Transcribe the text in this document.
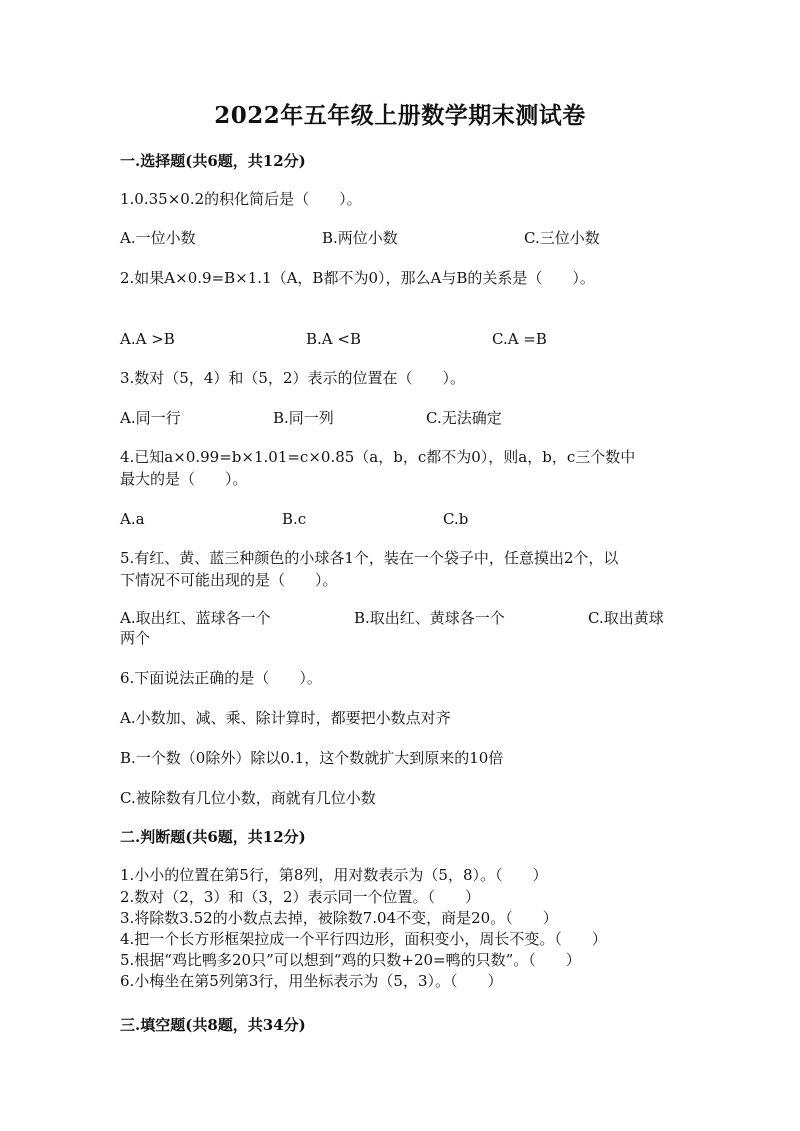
2022年五年级上册数学期末测试卷
一.选择题(共6题，共12分)
1.0.35×0.2的积化简后是（　　）。
A.一位小数	B.两位小数	C.三位小数
2.如果A×0.9=B×1.1（A，B都不为0），那么A与B的关系是（　　）。
A.A >B	B.A <B	C.A =B
3.数对（5，4）和（5，2）表示的位置在（　　）。
A.同一行	B.同一列	C.无法确定
4.已知a×0.99=b×1.01=c×0.85（a，b，c都不为0），则a，b，c三个数中
最大的是（　　）。
A.a	B.c	C.b
5.有红、黄、蓝三种颜色的小球各1个，装在一个袋子中，任意摸出2个，以
下情况不可能出现的是（　　）。
A.取出红、蓝球各一个	B.取出红、黄球各一个	C.取出黄球
两个
6.下面说法正确的是（　　）。
A.小数加、减、乘、除计算时，都要把小数点对齐
B.一个数（0除外）除以0.1，这个数就扩大到原来的10倍
C.被除数有几位小数，商就有几位小数
二.判断题(共6题，共12分)
1.小小的位置在第5行，第8列，用对数表示为（5，8）。（　　）
2.数对（2，3）和（3，2）表示同一个位置。（　　）
3.将除数3.52的小数点去掉，被除数7.04不变，商是20。（　　）
4.把一个长方形框架拉成一个平行四边形，面积变小，周长不变。（　　）
5.根据“鸡比鸭多20只”可以想到“鸡的只数+20=鸭的只数”。（　　）
6.小梅坐在第5列第3行，用坐标表示为（5，3）。（　　）
三.填空题(共8题，共34分)
